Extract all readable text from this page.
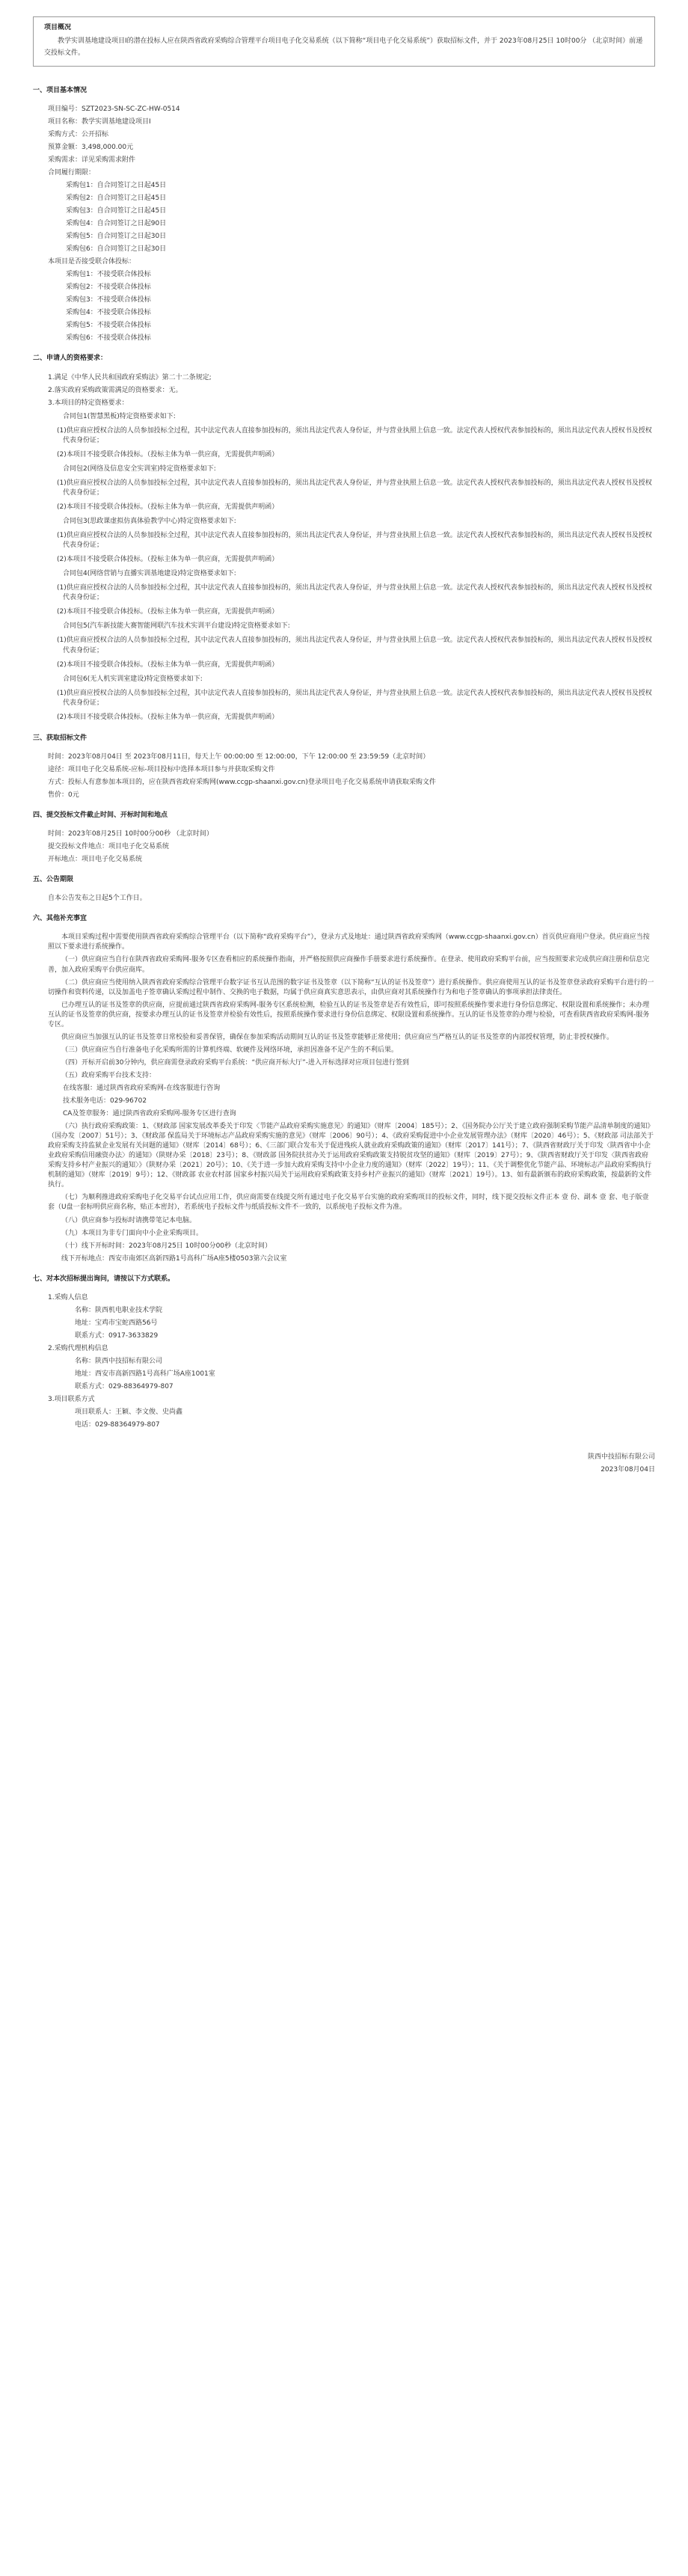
项目概况
教学实训基地建设项目Ⅰ的潜在投标人应在陕西省政府采购综合管理平台项目电子化交易系统（以下简称“项目电子化交易系统”）获取招标文件，并于 2023年08月25日 10时00分 （北京时间）前递交投标文件。
一、项目基本情况
项目编号：SZT2023-SN-SC-ZC-HW-0514
项目名称：教学实训基地建设项目Ⅰ
采购方式：公开招标
预算金额：3,498,000.00元
采购需求：详见采购需求附件
合同履行期限：
采购包1：自合同签订之日起45日
采购包2：自合同签订之日起45日
采购包3：自合同签订之日起45日
采购包4：自合同签订之日起90日
采购包5：自合同签订之日起30日
采购包6：自合同签订之日起30日
本项目是否接受联合体投标：
采购包1：不接受联合体投标
采购包2：不接受联合体投标
采购包3：不接受联合体投标
采购包4：不接受联合体投标
采购包5：不接受联合体投标
采购包6：不接受联合体投标
二、申请人的资格要求：
1.满足《中华人民共和国政府采购法》第二十二条规定;
2.落实政府采购政策需满足的资格要求：无。
3.本项目的特定资格要求：
合同包1(智慧黑板)特定资格要求如下:
(1)供应商应授权合法的人员参加投标全过程，其中法定代表人直接参加投标的，须出具法定代表人身份证，并与营业执照上信息一致。法定代表人授权代表参加投标的，须出具法定代表人授权书及授权代表身份证；
(2)本项目不接受联合体投标。（投标主体为单一供应商，无需提供声明函）
合同包2(网络及信息安全实训室)特定资格要求如下:
(1)供应商应授权合法的人员参加投标全过程，其中法定代表人直接参加投标的，须出具法定代表人身份证，并与营业执照上信息一致。法定代表人授权代表参加投标的，须出具法定代表人授权书及授权代表身份证；
(2)本项目不接受联合体投标。（投标主体为单一供应商，无需提供声明函）
合同包3(思政课虚拟仿真体验教学中心)特定资格要求如下:
(1)供应商应授权合法的人员参加投标全过程，其中法定代表人直接参加投标的，须出具法定代表人身份证，并与营业执照上信息一致。法定代表人授权代表参加投标的，须出具法定代表人授权书及授权代表身份证；
(2)本项目不接受联合体投标。（投标主体为单一供应商，无需提供声明函）
合同包4(网络营销与直播实训基地建设)特定资格要求如下:
(1)供应商应授权合法的人员参加投标全过程，其中法定代表人直接参加投标的，须出具法定代表人身份证，并与营业执照上信息一致。法定代表人授权代表参加投标的，须出具法定代表人授权书及授权代表身份证；
(2)本项目不接受联合体投标。（投标主体为单一供应商，无需提供声明函）
合同包5(汽车新技能大赛智能网联汽车技术实训平台建设)特定资格要求如下:
(1)供应商应授权合法的人员参加投标全过程，其中法定代表人直接参加投标的，须出具法定代表人身份证，并与营业执照上信息一致。法定代表人授权代表参加投标的，须出具法定代表人授权书及授权代表身份证；
(2)本项目不接受联合体投标。（投标主体为单一供应商，无需提供声明函）
合同包6(无人机实训室建设)特定资格要求如下:
(1)供应商应授权合法的人员参加投标全过程，其中法定代表人直接参加投标的，须出具法定代表人身份证，并与营业执照上信息一致。法定代表人授权代表参加投标的，须出具法定代表人授权书及授权代表身份证；
(2)本项目不接受联合体投标。（投标主体为单一供应商，无需提供声明函）
三、获取招标文件
时间：2023年08月04日 至 2023年08月11日，每天上午 00:00:00 至 12:00:00，下午 12:00:00 至 23:59:59（北京时间）
途径：项目电子化交易系统-应标-项目投标中选择本项目参与并获取采购文件
方式：投标人有意参加本项目的，应在陕西省政府采购网(www.ccgp-shaanxi.gov.cn)登录项目电子化交易系统申请获取采购文件
售价：0元
四、提交投标文件截止时间、开标时间和地点
时间：2023年08月25日 10时00分00秒 （北京时间）
提交投标文件地点：项目电子化交易系统
开标地点：项目电子化交易系统
五、公告期限
自本公告发布之日起5个工作日。
六、其他补充事宜
本项目采购过程中需要使用陕西省政府采购综合管理平台（以下简称“政府采购平台”），登录方式及地址：通过陕西省政府采购网（www.ccgp-shaanxi.gov.cn）首页供应商用户登录。供应商应当按照以下要求进行系统操作。
（一）供应商应当自行在陕西省政府采购网-服务专区查看相应的系统操作指南，并严格按照供应商操作手册要求进行系统操作。在登录、使用政府采购平台前，应当按照要求完成供应商注册和信息完善，加入政府采购平台供应商库。
（二）供应商应当使用纳入陕西省政府采购综合管理平台数字证书互认范围的数字证书及签章（以下简称“互认的证书及签章”）进行系统操作。供应商使用互认的证书及签章登录政府采购平台进行的一切操作和资料传递，以及加盖电子签章确认采购过程中制作、交换的电子数据，均属于供应商真实意思表示，由供应商对其系统操作行为和电子签章确认的事项承担法律责任。
已办理互认的证书及签章的供应商，应提前通过陕西省政府采购网-服务专区系统检测，检验互认的证书及签章是否有效性后，即可按照系统操作要求进行身份信息绑定、权限设置和系统操作；未办理互认的证书及签章的供应商，按要求办理互认的证书及签章并检验有效性后，按照系统操作要求进行身份信息绑定、权限设置和系统操作。互认的证书及签章的办理与检验，可查看陕西省政府采购网-服务专区。
供应商应当加强互认的证书及签章日常校验和妥善保管，确保在参加采购活动期间互认的证书及签章能够正常使用；供应商应当严格互认的证书及签章的内部授权管理，防止非授权操作。
（三）供应商应当自行准备电子化采购所需的计算机终端、软硬件及网络环境，承担因准备不足产生的不利后果。
（四）开标开启前30分钟内，供应商需登录政府采购平台系统：“供应商开标大厅”-进入开标选择对应项目包进行签到
（五）政府采购平台技术支持：
在线客服：通过陕西省政府采购网-在线客服进行咨询
技术服务电话：029-96702
CA及签章服务：通过陕西省政府采购网-服务专区进行查询
（六）执行政府采购政策：1、《财政部 国家发展改革委关于印发〈节能产品政府采购实施意见〉的通知》（财库〔2004〕185号）；2、《国务院办公厅关于建立政府强制采购节能产品清单制度的通知》（国办发〔2007〕51号）；3、《财政部 保监局关于环境标志产品政府采购实施的意见》（财库〔2006〕90号）；4、《政府采购促进中小企业发展管理办法》（财库〔2020〕46号）；5、《财政部 司法部关于政府采购支持监狱企业发展有关问题的通知》（财库〔2014〕68号）；6、《三部门联合发布关于促进残疾人就业政府采购政策的通知》（财库〔2017〕141号）；7、《陕西省财政厅关于印发〈陕西省中小企业政府采购信用融资办法〉的通知》（陕财办采〔2018〕23号）；8、《财政部 国务院扶贫办关于运用政府采购政策支持脱贫攻坚的通知》（财库〔2019〕27号）；9、《陕西省财政厅关于印发〈陕西省政府采购支持乡村产业振兴的通知〉》（陕财办采〔2021〕20号）；10、《关于进一步加大政府采购支持中小企业力度的通知》（财库〔2022〕19号）；11、《关于调整优化节能产品、环境标志产品政府采购执行机制的通知》（财库〔2019〕9号）；12、《财政部 农业农村部 国家乡村振兴局关于运用政府采购政策支持乡村产业振兴的通知》（财库〔2021〕19号）。13、如有最新颁布的政府采购政策，按最新的文件执行。
（七）为顺利推进政府采购电子化交易平台试点应用工作，供应商需要在线提交所有通过电子化交易平台实施的政府采购项目的投标文件，同时，线下提交投标文件正本 壹 份、副本 壹 套、电子版壹 套（U盘一套标明供应商名称，贴正本密封），若系统电子投标文件与纸质投标文件不一致的，以系统电子投标文件为准。
（八）供应商参与投标时请携带笔记本电脑。
（九）本项目为非专门面向中小企业采购项目。
（十）线下开标时间：2023年08月25日 10时00分00秒（北京时间）
线下开标地点：西安市南郊区高新四路1号高科广场A座5楼0503第六会议室
七、对本次招标提出询问，请按以下方式联系。
1.采购人信息
名称：陕西机电职业技术学院
地址：宝鸡市宝蛇西路56号
联系方式：0917-3633829
2.采购代理机构信息
名称：陕西中技招标有限公司
地址：西安市高新四路1号高科广场A座1001室
联系方式：029-88364979-807
3.项目联系方式
项目联系人：王颖、李文俊、史尚鑫
电话：029-88364979-807
陕西中技招标有限公司
2023年08月04日
